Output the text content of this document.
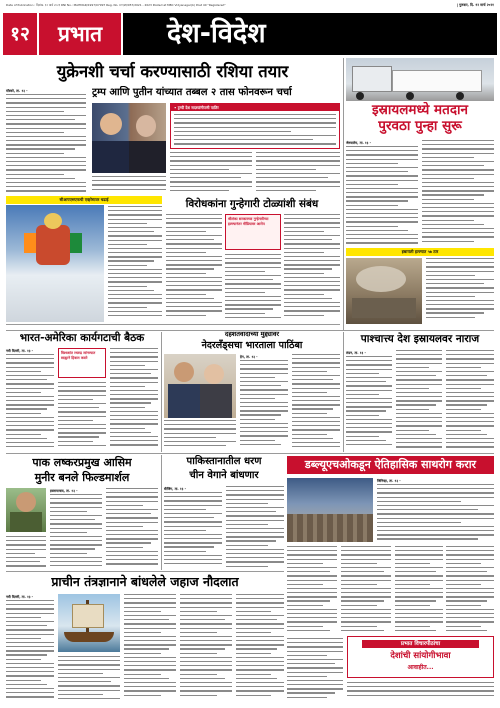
Date of Publication : दिनांक. १२ मार्च २०२१ RNI No.: MAHMAR/1997/07997 Reg. No. CY/W/057/2021 - 2023 Posted at MBC Vidyanagar(b) Post 40 "Registered"	| गुरुवार, दि. १२ मार्च २०२१
१२	प्रभात	देश-विदेश
युक्रेनशी चर्चा करण्यासाठी रशिया तयार
ट्रम्प आणि पुतीन यांच्यात तब्बल २ तास फोनवरून चर्चा
मॉस्को, ता. १३ -
• ट्रम्पी देश सदस्यांनीपणी पातिर
सीआयएसएफची एव्हरेस्टवर चढाई	विरोधकांना गुन्हेगारी टोळ्यांशी संबंध
श्रीलंका सरकारच्या गुन्हेगारीच्या हल्ल्यानंतर मीडियावर आरोप
इस्रायलमध्ये मतदान
पुरवठा पुन्हा सुरू
जेरुसलेम, ता. १३ -
इस्रायली हल्ल्यात ५७ ठार
भारत-अमेरिका कार्यगटाची बैठक
नवी दिल्ली, ता. १३ -	विश्वशांत रथरुद्र सांगण्यात साह्याने हिवाल करारे
दहशतवादाच्या मुद्द्यावर
नेदरलँड्‌सचा भारताला पाठिंबा
हेग, ता. १३ -
पाश्चात्त्य देश इस्रायलवर नाराज
लंडन, ता. १३ -
पाक लष्करप्रमुख आसिम
मुनीर बनले फिल्डमार्शल
इस्लामाबाद, ता. १३ -
पाकिस्तानातील धरण
चीन वेगाने बांधणार
बीजिंग, ता. १३ -
डब्ल्यूएचओकडून ऐतिहासिक साथरोग करार
जिनिव्हा, ता. १३ -
प्राचीन तंत्रज्ञानाने बांधलेले जहाज नौदलात
नवी दिल्ली, ता. १३ -
प्रभात विचारपीठांचा
देशांची सांयोगीभावा
आवाहीत...
